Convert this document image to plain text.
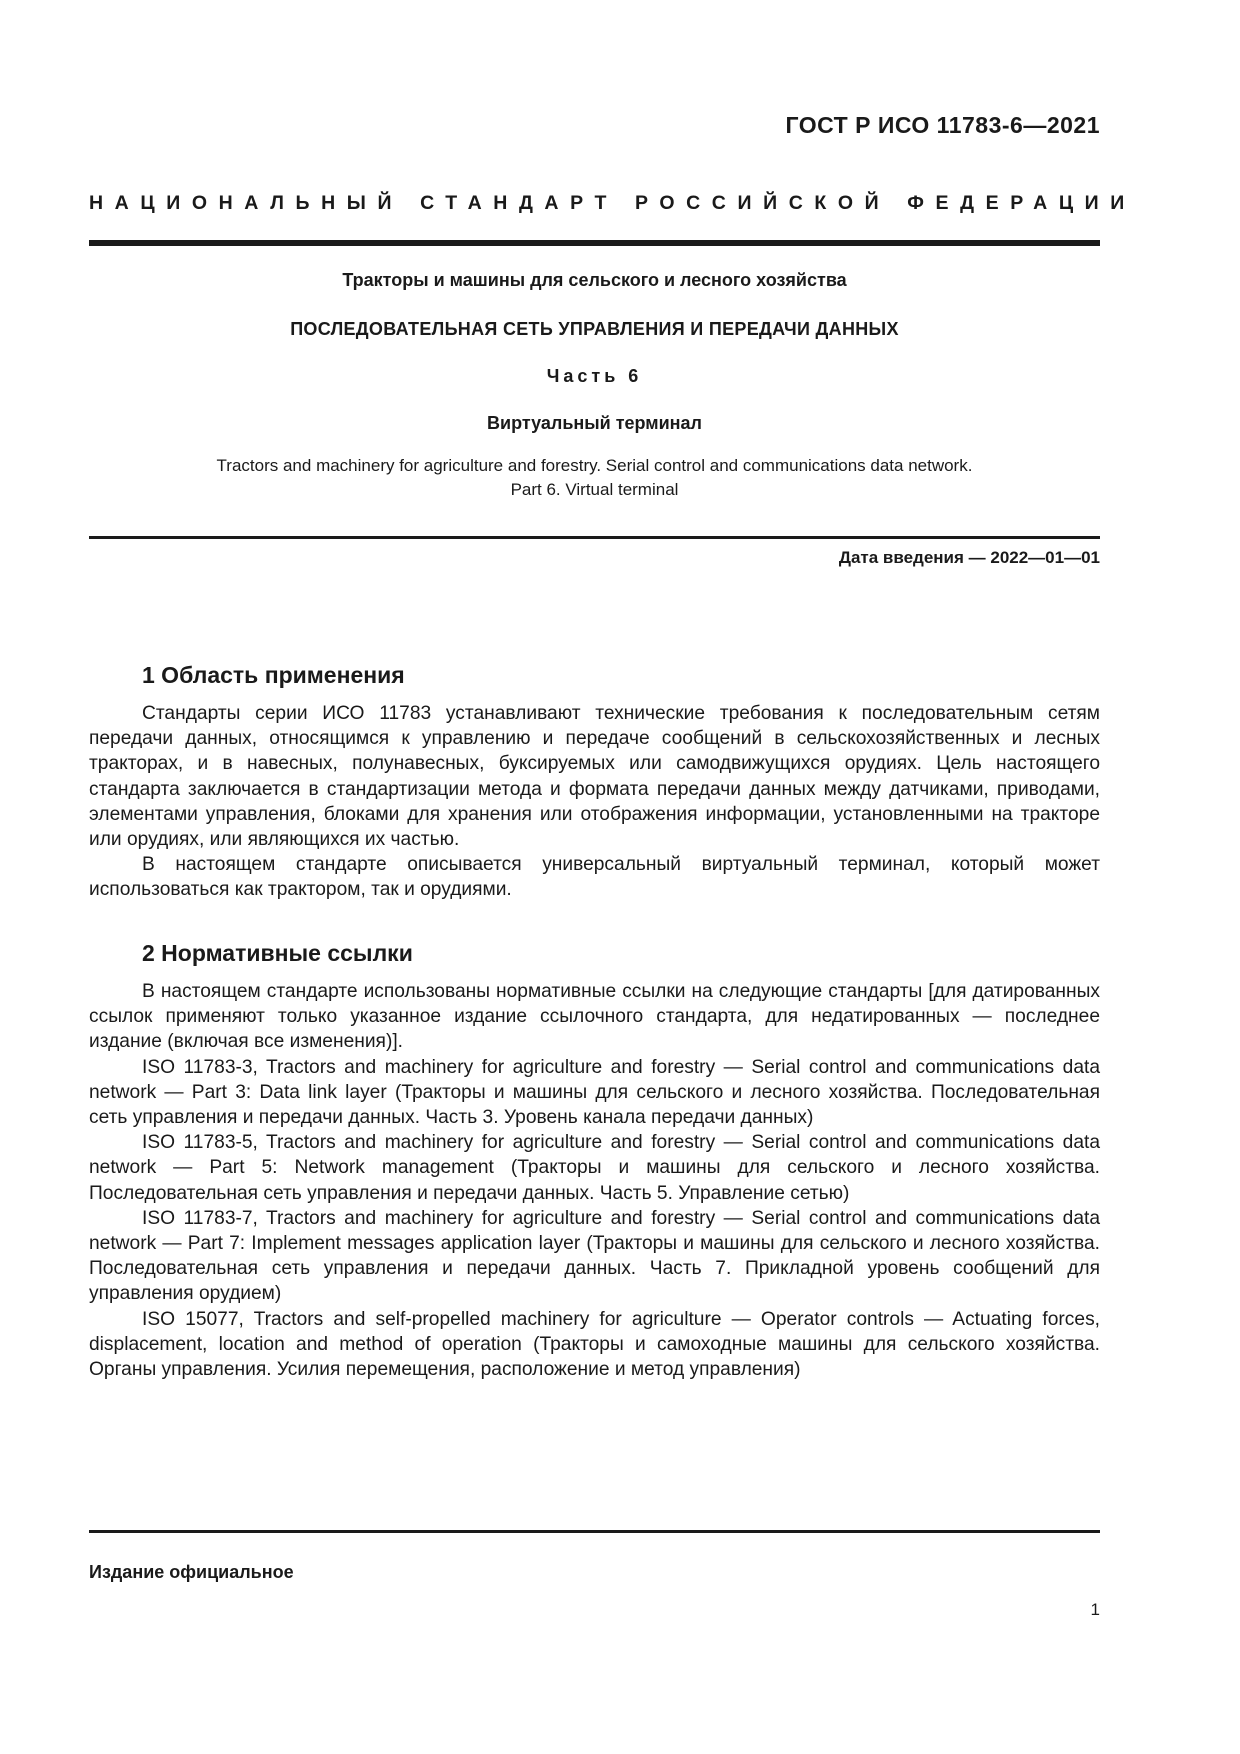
ГОСТ Р ИСО 11783-6—2021
НАЦИОНАЛЬНЫЙ СТАНДАРТ РОССИЙСКОЙ ФЕДЕРАЦИИ

Тракторы и машины для сельского и лесного хозяйства

ПОСЛЕДОВАТЕЛЬНАЯ СЕТЬ УПРАВЛЕНИЯ И ПЕРЕДАЧИ ДАННЫХ

Часть 6

Виртуальный терминал

Tractors and machinery for agriculture and forestry. Serial control and communications data network.
Part 6. Virtual terminal

Дата введения — 2022—01—01
1 Область применения

Стандарты серии ИСО 11783 устанавливают технические требования к последовательным сетям передачи данных, относящимся к управлению и передаче сообщений в сельскохозяйственных и лесных тракторах, и в навесных, полунавесных, буксируемых или самодвижущихся орудиях. Цель настоящего стандарта заключается в стандартизации метода и формата передачи данных между датчиками, приводами, элементами управления, блоками для хранения или отображения информации, установленными на тракторе или орудиях, или являющихся их частью.

В настоящем стандарте описывается универсальный виртуальный терминал, который может использоваться как трактором, так и орудиями.

2 Нормативные ссылки

В настоящем стандарте использованы нормативные ссылки на следующие стандарты [для датированных ссылок применяют только указанное издание ссылочного стандарта, для недатированных — последнее издание (включая все изменения)].

ISO 11783-3, Tractors and machinery for agriculture and forestry — Serial control and communications data network — Part 3: Data link layer (Тракторы и машины для сельского и лесного хозяйства. Последовательная сеть управления и передачи данных. Часть 3. Уровень канала передачи данных)

ISO 11783-5, Tractors and machinery for agriculture and forestry — Serial control and communications data network — Part 5: Network management (Тракторы и машины для сельского и лесного хозяйства. Последовательная сеть управления и передачи данных. Часть 5. Управление сетью)

ISO 11783-7, Tractors and machinery for agriculture and forestry — Serial control and communications data network — Part 7: Implement messages application layer (Тракторы и машины для сельского и лесного хозяйства. Последовательная сеть управления и передачи данных. Часть 7. Прикладной уровень сообщений для управления орудием)

ISO 15077, Tractors and self-propelled machinery for agriculture — Operator controls — Actuating forces, displacement, location and method of operation (Тракторы и самоходные машины для сельского хозяйства. Органы управления. Усилия перемещения, расположение и метод управления)

Издание официальное
1
